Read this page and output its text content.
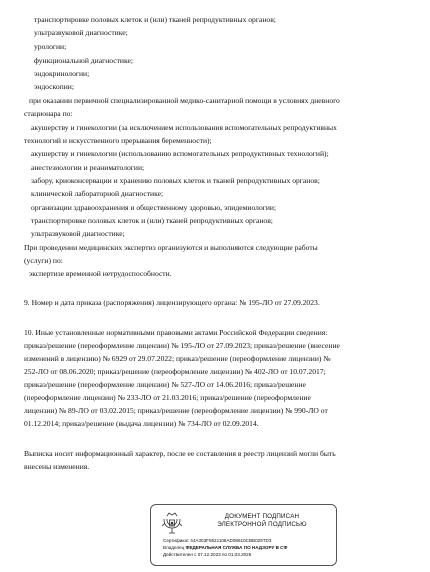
транспортировке половых клеток и (или) тканей репродуктивных органов;
ультразвуковой диагностике;
урологии;
функциональной диагностике;
эндокринологии;
эндоскопии;
при оказании первичной специализированной медико-санитарной помощи в условиях дневного
стационара по:
акушерству и гинекологии (за исключением использования вспомогательных репродуктивных
технологий и искусственного прерывания беременности);
акушерству и гинекологии (использованию вспомогательных репродуктивных технологий);
анестезиологии и реаниматологии;
забору, криоконсервации и хранению половых клеток и тканей репродуктивных органов;
клинической лабораторной диагностике;
организации здравоохранения и общественному здоровью, эпидемиологии;
транспортировке половых клеток и (или) тканей репродуктивных органов;
ультразвуковой диагностике;
При проведении медицинских экспертиз организуются и выполняются следующие работы
(услуги) по:
экспертизе временной нетрудоспособности.
9. Номер и дата приказа (распоряжения) лицензирующего органа: № 195-ЛО от 27.09.2023.
10. Иные установленные нормативными правовыми актами Российской Федерации сведения:
приказ/решение (переоформление лицензии) № 195-ЛО от 27.09.2023; приказ/решение (внесение
изменений в лицензию) № 6929 от 29.07.2022; приказ/решение (переоформление лицензии) №
252-ЛО от 08.06.2020; приказ/решение (переоформление лицензии) № 402-ЛО от 10.07.2017;
приказ/решение (переоформление лицензии) № 527-ЛО от 14.06.2016; приказ/решение
(переоформление лицензии) № 233-ЛО от 21.03.2016; приказ/решение (переоформление
лицензии) № 89-ЛО от 03.02.2015; приказ/решение (переоформление лицензии) № 990-ЛО от
01.12.2014; приказ/решение (выдача лицензии) № 734-ЛО от 02.09.2014.
Выписка носит информационный характер, после ее составления в реестр лицензий могли быть
внесены изменения.
ДОКУМЕНТ ПОДПИСАН
ЭЛЕКТРОННОЙ ПОДПИСЬЮ
Сертификат 44A303F5521108AD08610CBB025TD3
Владелец ФЕДЕРАЛЬНАЯ СЛУЖБА ПО НАДЗОРУ В СФ
Действителен с 07.12.2023 по 01.03.2025
